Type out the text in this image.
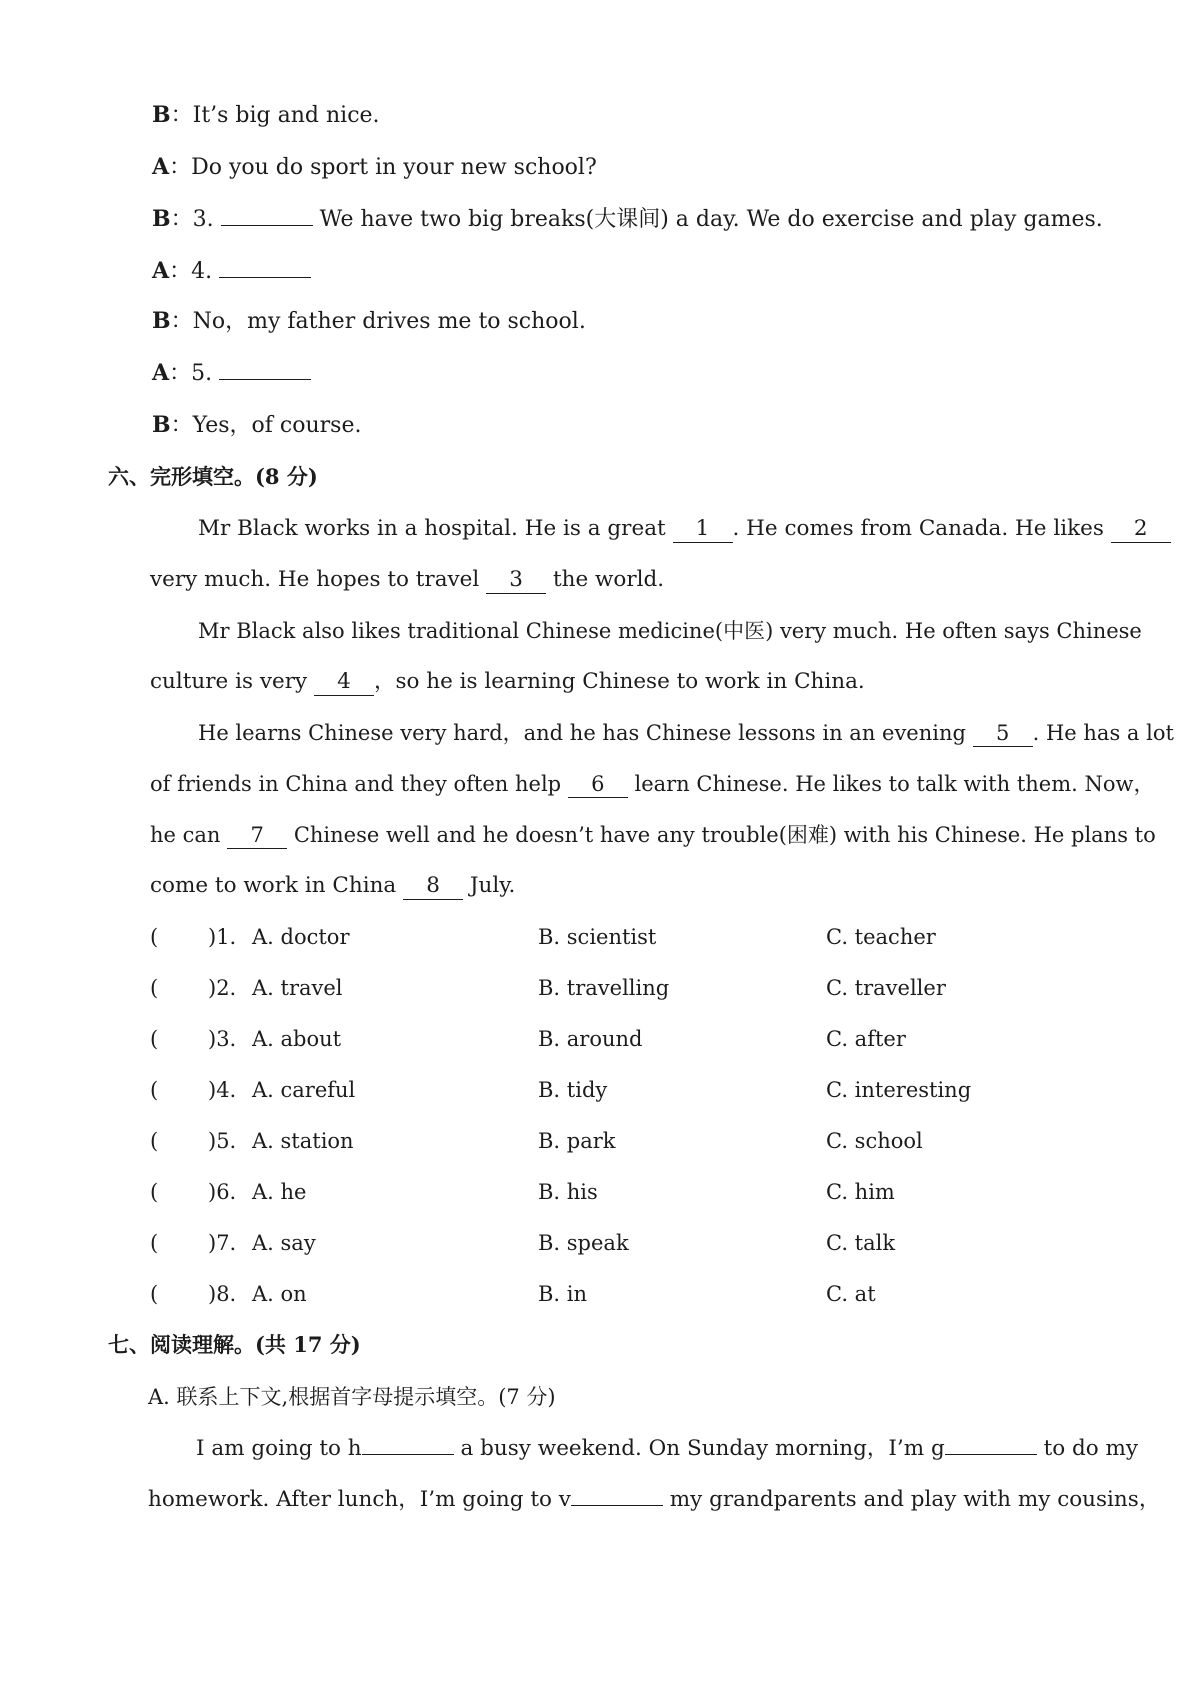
B：It’s big and nice.
A：Do you do sport in your new school?
B：3.	We have two big breaks(大课间) a day. We do exercise and play games.
A：4.
B：No，my father drives me to school.
A：5.
B：Yes，of course.
六、完形填空。(8 分)
Mr Black works in a hospital. He is a great 1 . He comes from Canada. He likes 2
very much. He hopes to travel 3 the world.
Mr Black also likes traditional Chinese medicine(中医) very much. He often says Chinese
culture is very 4 ，so he is learning Chinese to work in China.
He learns Chinese very hard，and he has Chinese lessons in an evening 5 . He has a lot
of friends in China and they often help 6 learn Chinese. He likes to talk with them. Now，
he can 7 Chinese well and he doesn’t have any trouble(困难) with his Chinese. He plans to
come to work in China 8 July.
( )1. A. doctor	B. scientist	C. teacher
( )2. A. travel	B. travelling	C. traveller
( )3. A. about	B. around	C. after
( )4. A. careful	B. tidy	C. interesting
( )5. A. station	B. park	C. school
( )6. A. he	B. his	C. him
( )7. A. say	B. speak	C. talk
( )8. A. on	B. in	C. at
七、阅读理解。(共 17 分)
A. 联系上下文,根据首字母提示填空。(7 分)
I am going to h	a busy weekend. On Sunday morning，I’m g	to do my
homework. After lunch，I’m going to v	my grandparents and play with my cousins，
